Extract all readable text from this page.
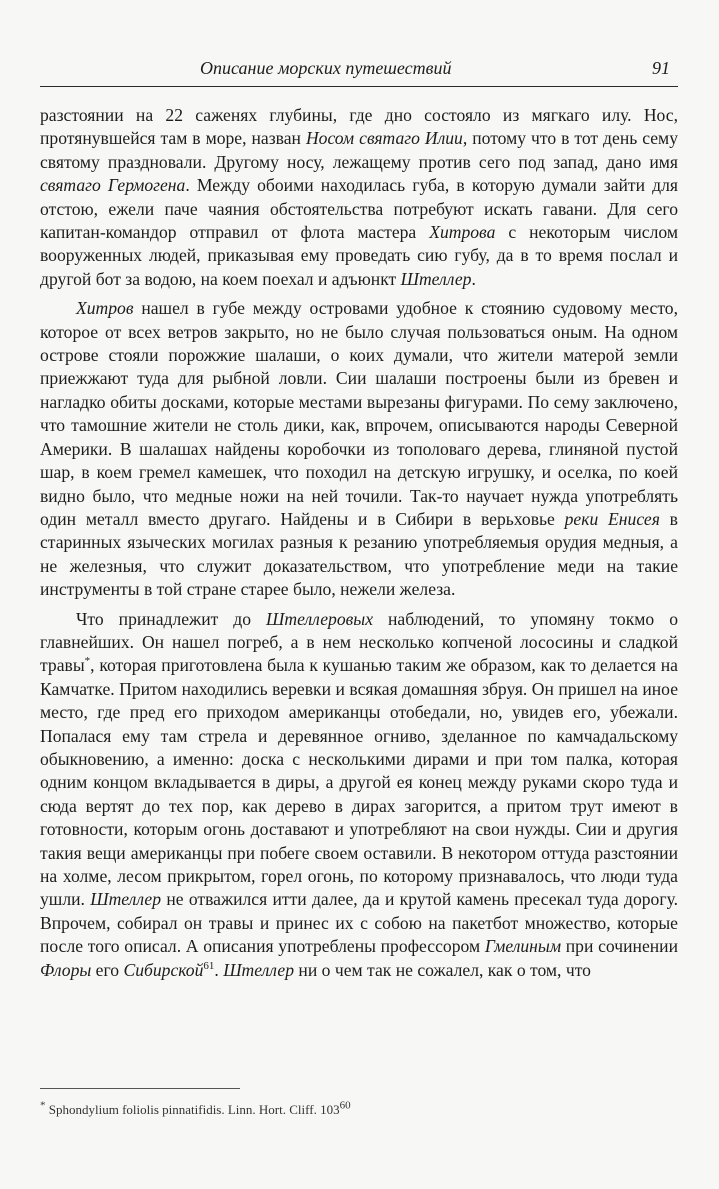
Описание морских путешествий	91

разстоянии на 22 саженях глубины, где дно состояло из мягкаго илу. Нос, протянувшейся там в море, назван Носом святаго Илии, потому что в тот день сему святому праздновали. Другому носу, лежащему против сего под запад, дано имя святаго Гермогена. Между обоими находилась губа, в которую думали зайти для отстою, ежели паче чаяния обстоятельства потребуют искать гавани. Для сего капитан-командор отправил от флота мастера Хитрова с некоторым числом вооруженных людей, приказывая ему проведать сию губу, да в то время послал и другой бот за водою, на коем поехал и адъюнкт Штеллер.

Хитров нашел в губе между островами удобное к стоянию судовому место, которое от всех ветров закрыто, но не было случая пользоваться оным. На одном острове стояли порожжие шалаши, о коих думали, что жители матерой земли приежжают туда для рыбной ловли. Сии шалаши построены были из бревен и нагладко обиты досками, которые местами вырезаны фигурами. По сему заключено, что тамошние жители не столь дики, как, впрочем, описываются народы Северной Америки. В шалашах найдены коробочки из тополоваго дерева, глиняной пустой шар, в коем гремел камешек, что походил на детскую игрушку, и оселка, по коей видно было, что медные ножи на ней точили. Так-то научает нужда употреблять один металл вместо другаго. Найдены и в Сибири в верьховье реки Енисея в старинных языческих могилах разныя к резанию употребляемыя орудия медныя, а не железныя, что служит доказательством, что употребление меди на такие инструменты в той стране старее было, нежели железа.

Что принадлежит до Штеллеровых наблюдений, то упомяну токмо о главнейших. Он нашел погреб, а в нем несколько копченой лососины и сладкой травы*, которая приготовлена была к кушанью таким же образом, как то делается на Камчатке. Притом находились веревки и всякая домашняя збруя. Он пришел на иное место, где пред его приходом американцы отобедали, но, увидев его, убежали. Попалася ему там стрела и деревянное огниво, зделанное по камчадальскому обыкновению, а именно: доска с несколькими дирами и при том палка, которая одним концом вкладывается в диры, а другой ея конец между руками скоро туда и сюда вертят до тех пор, как дерево в дирах загорится, а притом трут имеют в готовности, которым огонь доставают и употребляют на свои нужды. Сии и другия такия вещи американцы при побеге своем оставили. В некотором оттуда разстоянии на холме, лесом прикрытом, горел огонь, по которому признавалось, что люди туда ушли. Штеллер не отважился итти далее, да и крутой камень пресекал туда дорогу. Впрочем, собирал он травы и принес их с собою на пакетбот множество, которые после того описал. А описания употреблены профессором Гмелиным при сочинении Флоры его Сибирской$^{61}$. Штеллер ни о чем так не сожалел, как о том, что

* Sphondylium foliolis pinnatifidis. Linn. Hort. Cliff. $103^{60}$
